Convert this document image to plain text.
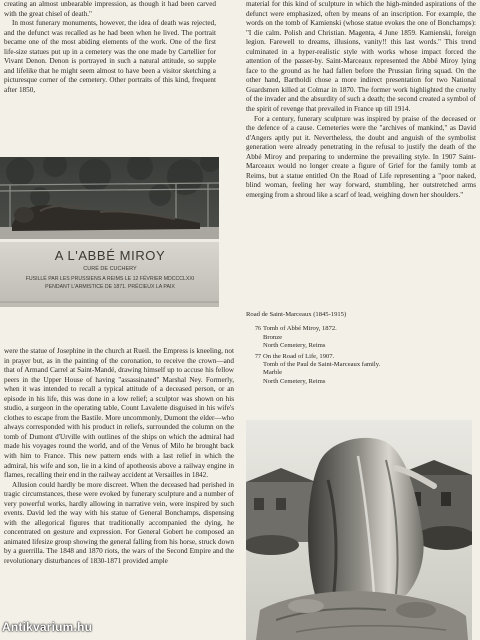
creating an almost unbearable impression, as though it had been carved with the great chisel of death."

In most funerary monuments, however, the idea of death was rejected, and the defunct was recalled as he had been when he lived. The portrait became one of the most abiding elements of the work. One of the first life-size statues put up in a cemetery was the one made by Cartellier for Vivant Denon. Denon is portrayed in such a natural attitude, so supple and lifelike that he might seem almost to have been a visitor sketching a picturesque corner of the cemetery. Other portraits of this kind, frequent after 1850,

material for this kind of sculpture in which the high-minded aspirations of the defunct were emphasized, often by means of an inscription. For example, the words on the tomb of Kamienski (whose statue evokes the one of Bonchamps): "I die calm. Polish and Christian. Magenta, 4 June 1859. Kamienski, foreign legion. Farewell to dreams, illusions, vanity!! this last words." This trend culminated in a hyper-realistic style with works whose impact forced the attention of the passer-by. Saint-Marceaux represented the Abbé Miroy lying face to the ground as he had fallen before the Prussian firing squad. On the other hand, Bartholdi chose a more indirect presentation for two National Guardsmen killed at Colmar in 1870. The former work highlighted the cruelty of the invader and the absurdity of such a death; the second created a symbol of the spirit of revenge that prevailed in France up till 1914.

For a century, funerary sculpture was inspired by praise of the deceased or the defence of a cause. Cemeteries were the "archives of mankind," as David d'Angers aptly put it. Nevertheless, the doubt and anguish of the symbolist generation were already penetrating in the refusal to justify the death of the Abbé Miroy and preparing to undermine the prevailing style. In 1907 Saint-Marceaux would no longer create a figure of Grief for the family tomb at Reims, but a statue entitled On the Road of Life representing a "poor naked, blind woman, feeling her way forward, stumbling, her outstretched arms emerging from a shroud like a scarf of lead, weighing down her shoulders."

A L'ABBÉ MIROY
CURÉ DE CUCHERY
FUSILLÉ PAR LES PRUSSIENS A REIMS LE 12 FÉVRIER MDCCCLXXI
PENDANT L'ARMISTICE DE 1871. PRÉCIEUX LA PAIX
Road de Saint-Marceaux (1845-1915)
76 Tomb of Abbé Miroy, 1872.
Bronze
North Cemetery, Reims
77 On the Road of Life, 1907.
Tomb of the Paul de Saint-Marceaux family.
Marble
North Cemetery, Reims

were the statue of Josephine in the church at Rueil. the Empress is kneeling, not in prayer but, as in the painting of the coronation, to receive the crown—and that of Armand Carrel at Saint-Mandé, drawing himself up to accuse his fellow peers in the Upper House of having "assassinated" Marshal Ney. Formerly, when it was intended to recall a typical attitude of a deceased person, or an episode in his life, this was done in a low relief; a sculptor was shown on his studio, a surgeon in the operating table, Count Lavalette disguised in his wife's clothes to escape from the Bastile. More uncommonly, Dumont the elder—who always corresponded with his product in reliefs, surrounded the column on the tomb of Dumont d'Urville with outlines of the ships on which the admiral had made his voyages round the world, and of the Venus of Milo he brought back with him to France. This new pattern ends with a last relief in which the admiral, his wife and son, lie in a kind of apotheosis above a railway engine in flames, recalling their end in the railway accident at Versailles in 1842.

Allusion could hardly be more discreet. When the deceased had perished in tragic circumstances, these were evoked by funerary sculpture and a number of very powerful works, hardly allowing in narrative vein, were inspired by such events. David led the way with his statue of General Bonchamps, dispensing with the allegorical figures that traditionally accompanied the dying, he concentrated on gesture and expression. For General Gobert he composed an animated lifesize group showing the general falling from his horse, struck down by a guerrilla. The 1848 and 1870 riots, the wars of the Second Empire and the revolutionary disturbances of 1830-1871 provided ample

Antikvarium.hu
